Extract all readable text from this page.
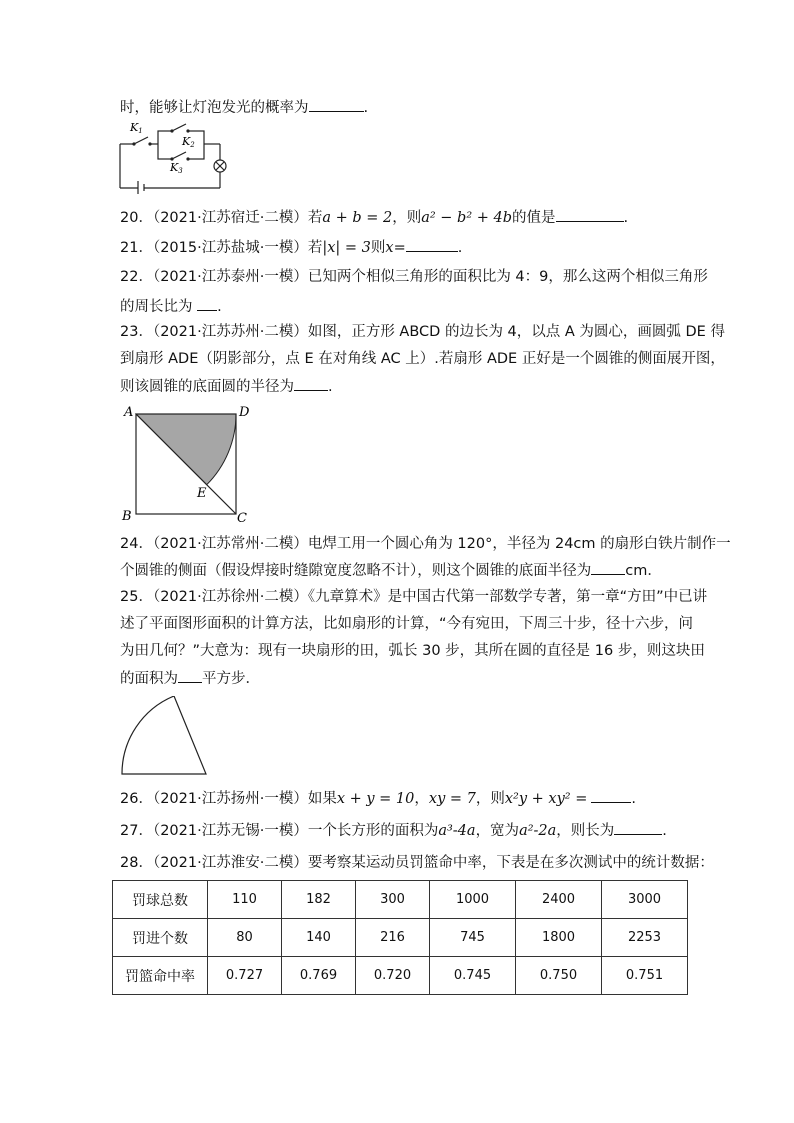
时，能够让灯泡发光的概率为	.
K1
K2
K3
20．（2021·江苏宿迁·二模）若a + b = 2，则a² − b² + 4b的值是	.
21．（2015·江苏盐城·一模）若|x| = 3则x=	.
22．（2021·江苏泰州·一模）已知两个相似三角形的面积比为 4：9，那么这两个相似三角形
的周长比为 .
23．（2021·江苏苏州·二模）如图，正方形 ABCD 的边长为 4，以点 A 为圆心，画圆弧 DE 得
到扇形 ADE（阴影部分，点 E 在对角线 AC 上）.若扇形 ADE 正好是一个圆锥的侧面展开图，
则该圆锥的底面圆的半径为 .
A	D
B	C
E
24．（2021·江苏常州·二模）电焊工用一个圆心角为 120°，半径为 24cm 的扇形白铁片制作一
个圆锥的侧面（假设焊接时缝隙宽度忽略不计），则这个圆锥的底面半径为 cm．
25．（2021·江苏徐州·二模）《九章算术》是中国古代第一部数学专著，第一章“方田”中已讲
述了平面图形面积的计算方法，比如扇形的计算，“今有宛田，下周三十步，径十六步，问
为田几何？”大意为：现有一块扇形的田，弧长 30 步，其所在圆的直径是 16 步，则这块田
的面积为 平方步．
26．（2021·江苏扬州·一模）如果x + y = 10，xy = 7，则x²y + xy² =	.
27．（2021·江苏无锡·一模）一个长方形的面积为a³-4a，宽为a²-2a，则长为	.
28．（2021·江苏淮安·二模）要考察某运动员罚篮命中率，下表是在多次测试中的统计数据：
罚球总数	110	182	300	1000	2400	3000
罚进个数	80	140	216	745	1800	2253
罚篮命中率	0.727	0.769	0.720	0.745	0.750	0.751
